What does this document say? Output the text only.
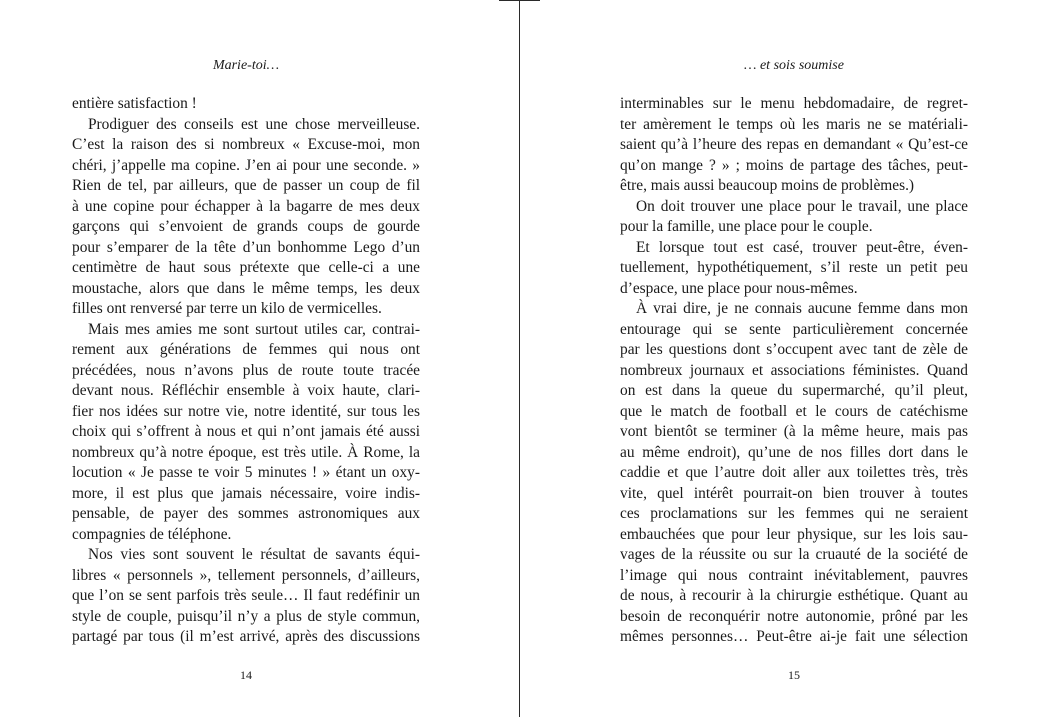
Marie-toi…
entière satisfaction !
Prodiguer des conseils est une chose merveilleuse.
C’est la raison des si nombreux « Excuse-moi, mon
chéri, j’appelle ma copine. J’en ai pour une seconde. »
Rien de tel, par ailleurs, que de passer un coup de fil
à une copine pour échapper à la bagarre de mes deux
garçons qui s’envoient de grands coups de gourde
pour s’emparer de la tête d’un bonhomme Lego d’un
centimètre de haut sous prétexte que celle-ci a une
moustache, alors que dans le même temps, les deux
filles ont renversé par terre un kilo de vermicelles.
Mais mes amies me sont surtout utiles car, contrai-
rement aux générations de femmes qui nous ont
précédées, nous n’avons plus de route toute tracée
devant nous. Réfléchir ensemble à voix haute, clari-
fier nos idées sur notre vie, notre identité, sur tous les
choix qui s’offrent à nous et qui n’ont jamais été aussi
nombreux qu’à notre époque, est très utile. À Rome, la
locution « Je passe te voir 5 minutes ! » étant un oxy-
more, il est plus que jamais nécessaire, voire indis-
pensable, de payer des sommes astronomiques aux
compagnies de téléphone.
Nos vies sont souvent le résultat de savants équi-
libres « personnels », tellement personnels, d’ailleurs,
que l’on se sent parfois très seule… Il faut redéfinir un
style de couple, puisqu’il n’y a plus de style commun,
partagé par tous (il m’est arrivé, après des discussions
14
… et sois soumise
interminables sur le menu hebdomadaire, de regret-
ter amèrement le temps où les maris ne se matériali-
saient qu’à l’heure des repas en demandant « Qu’est-ce
qu’on mange ? » ; moins de partage des tâches, peut-
être, mais aussi beaucoup moins de problèmes.)
On doit trouver une place pour le travail, une place
pour la famille, une place pour le couple.
Et lorsque tout est casé, trouver peut-être, éven-
tuellement, hypothétiquement, s’il reste un petit peu
d’espace, une place pour nous-mêmes.
À vrai dire, je ne connais aucune femme dans mon
entourage qui se sente particulièrement concernée
par les questions dont s’occupent avec tant de zèle de
nombreux journaux et associations féministes. Quand
on est dans la queue du supermarché, qu’il pleut,
que le match de football et le cours de catéchisme
vont bientôt se terminer (à la même heure, mais pas
au même endroit), qu’une de nos filles dort dans le
caddie et que l’autre doit aller aux toilettes très, très
vite, quel intérêt pourrait-on bien trouver à toutes
ces proclamations sur les femmes qui ne seraient
embauchées que pour leur physique, sur les lois sau-
vages de la réussite ou sur la cruauté de la société de
l’image qui nous contraint inévitablement, pauvres
de nous, à recourir à la chirurgie esthétique. Quant au
besoin de reconquérir notre autonomie, prôné par les
mêmes personnes… Peut-être ai-je fait une sélection
15
